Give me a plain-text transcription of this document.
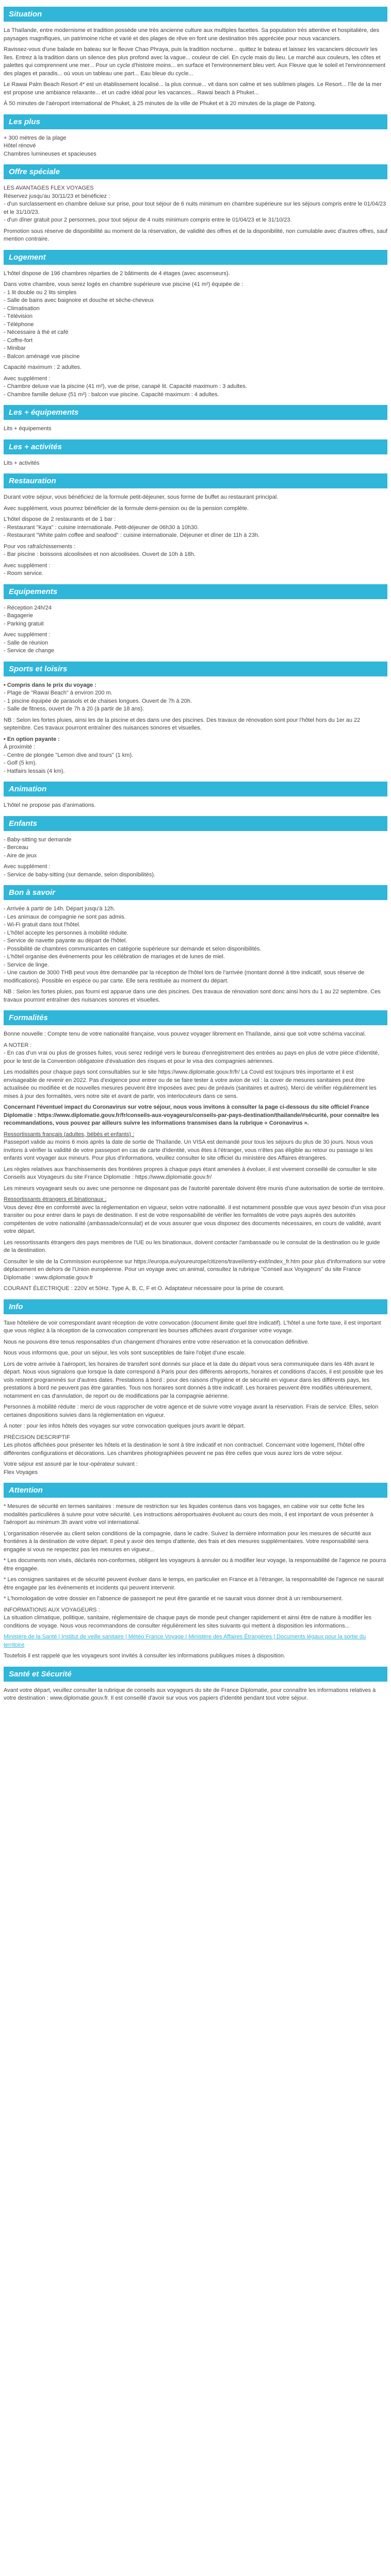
Situation

La Thaïlande, entre modernisme et tradition possède une très ancienne culture aux multiples facettes. Sa population très attentive et hospitalière, des paysages magnifiques, un patrimoine riche et varié et des plages de rêve en font une destination très appréciée pour nous vacanciers.

Ravissez-vous d'une balade en bateau sur le fleuve Chao Phraya, puis la tradition nocturne... quittez le bateau et laissez les vacanciers découvrir les îles. Entrez à la tradition dans un silence des plus profond avec la vague... couleur de ciel. En cycle mais du lieu. Le marché aux couleurs, les côtes et palettes qui comprennent une mer... Pour un cycle d'histoire moins... en surface et l'environnement bleu vert. Aux Fleuve que le soleil et l'environnement des plages et paradis... où vous un tableau une part... Eau bleue du cycle...

Le Rawai Palm Beach Resort 4* est un établissement localisé... la plus connue... vit dans son calme et ses sublimes plages. Le Resort... l'île de la mer est propose une ambiance relaxante... et un cadre idéal pour les vacances... Rawai beach à Phuket...

À 50 minutes de l'aéroport international de Phuket, à 25 minutes de la ville de Phuket et à 20 minutes de la plage de Patong.

Les plus

+ 300 mètres de la plage

Hôtel rénové

Chambres lumineuses et spacieuses

Offre spéciale

LES AVANTAGES FLEX VOYAGES

Réservez jusqu'au 30/11/23 et bénéficiez :

- d'un surclassement en chambre deluxe sur prise, pour tout séjour de 6 nuits minimum en chambre supérieure sur les séjours compris entre le 01/04/23 et le 31/10/23.

- d'un dîner gratuit pour 2 personnes, pour tout séjour de 4 nuits minimum compris entre le 01/04/23 et le 31/10/23.

Promotion sous réserve de disponibilité au moment de la réservation, de validité des offres et de la disponibilité, non cumulable avec d'autres offres, sauf mention contraire.

Logement

L'hôtel dispose de 196 chambres réparties de 2 bâtiments de 4 étages (avec ascenseurs).

Dans votre chambre, vous serez logés en chambre supérieure vue piscine (41 m²) équipée de :

- 1 lit double ou 2 lits simples

- Salle de bains avec baignoire et douche et sèche-cheveux

- Climatisation

- Télévision

- Téléphone

- Nécessaire à thé et café

- Coffre-fort

- Minibar

- Balcon aménagé vue piscine

Capacité maximum : 2 adultes.

Avec supplément :

- Chambre deluxe vue la piscine (41 m²), vue de prise, canapé lit. Capacité maximum : 3 adultes.

- Chambre famille deluxe (51 m²) : balcon vue piscine. Capacité maximum : 4 adultes.

Les + équipements

Lits + équipements

Les + activités

Lits + activités

Restauration

Durant votre séjour, vous bénéficiez de la formule petit-déjeuner, sous forme de buffet au restaurant principal.

Avec supplément, vous pourrez bénéficier de la formule demi-pension ou de la pension complète.

L'hôtel dispose de 2 restaurants et de 1 bar :

- Restaurant "Kaya" : cuisine internationale. Petit-déjeuner de 06h30 à 10h30.

- Restaurant "White palm coffee and seafood" : cuisine internationale. Déjeuner et dîner de 11h à 23h.

Pour vos rafraîchissements :

- Bar piscine : boissons alcoolisées et non alcoolisées. Ouvert de 10h à 18h.

Avec supplément :

- Room service.

Equipements

- Réception 24h/24

- Bagagerie

- Parking gratuit

Avec supplément :

- Salle de réunion

- Service de change

Sports et loisirs

• Compris dans le prix du voyage :

- Plage de "Rawai Beach" à environ 200 m.

- 1 piscine équipée de parasols et de chaises longues. Ouvert de 7h à 20h.

- Salle de fitness, ouvert de 7h à 20 (à partir de 18 ans).

NB : Selon les fortes pluies, ainsi les de la piscine et des dans une des piscines. Des travaux de rénovation sont pour l'hôtel hors du 1er au 22 septembre. Ces travaux pourront entraîner des nuisances sonores et visuelles.

• En option payante :

À proximité :

- Centre de plongée "Lemon dive and tours" (1 km).

- Golf (5 km).

- Hatfairs lessais (4 km).

Animation

L'hôtel ne propose pas d'animations.

Enfants

- Baby-sitting sur demande

- Berceau

- Aire de jeux

Avec supplément :

- Service de baby-sitting (sur demande, selon disponibilités).

Bon à savoir

- Arrivée à partir de 14h. Départ jusqu'à 12h.

- Les animaux de compagnie ne sont pas admis.

- Wi-Fi gratuit dans tout l'hôtel.

- L'hôtel accepte les personnes à mobilité réduite.

- Service de navette payante au départ de l'hôtel.

- Possibilité de chambres communicantes en catégorie supérieure sur demande et selon disponibilités.

- L'hôtel organise des événements pour les célébration de mariages et de lunes de miel.

- Service de linge.

- Une caution de 3000 THB peut vous être demandée par la réception de l'hôtel lors de l'arrivée (montant donné à titre indicatif, sous réserve de modifications). Possible en espèce ou par carte. Elle sera restituée au moment du départ.

NB : Selon les fortes pluies, pas fourni est apparue dans une des piscines. Des travaux de rénovation sont donc ainsi hors du 1 au 22 septembre. Ces travaux pourront entraîner des nuisances sonores et visuelles.

Formalités

Bonne nouvelle : Compte tenu de votre nationalité française, vous pouvez voyager librement en Thaïlande, ainsi que soit votre schéma vaccinal.

A NOTER :

- En cas d'un vrai ou plus de grosses fuites, vous serez redirigé vers le bureau d'enregistrement des entrées au pays en plus de votre pièce d'identité, pour le test de la Convention obligatoire d'évaluation des risques et pour le visa des compagnies aériennes.

Les modalités pour chaque pays sont consultables sur le site https://www.diplomatie.gouv.fr/fr/ La Covid est toujours très importante et il est envisageable de revenir en 2022. Pas d'exigence pour entrer ou de se faire tester à votre avion de vol : la cover de mesures sanitaires peut être actualisée ou modifiée et de nouvelles mesures peuvent être imposées avec peu de préavis (sanitaires et autres). Merci de vérifier régulièrement les mises à jour des formalités, vers notre site et avant de partir, vos interlocuteurs dans ce sens.

Concernant l'éventuel impact du Coronavirus sur votre séjour, nous vous invitons à consulter la page ci-dessous du site officiel France Diplomatie : https://www.diplomatie.gouv.fr/fr/conseils-aux-voyageurs/conseils-par-pays-destination/thailande/#sécurité, pour connaître les recommandations, vous pouvez par ailleurs suivre les informations transmises dans la rubrique « Coronavirus ».

Ressortissants français (adultes, bébés et enfants) :

Passeport valide au moins 6 mois après la date de sortie de Thaïlande. Un VISA est demandé pour tous les séjours du plus de 30 jours. Nous vous invitons à vérifier la validité de votre passeport en cas de carte d'identité, vous êtes à l'étranger, vous n'êtes pas éligible au retour ou passage si les enfants vont voyager aux mineurs. Pour plus d'informations, veuillez consulter le site officiel du ministère des Affaires étrangères.

Les règles relatives aux franchissements des frontières propres à chaque pays étant amenées à évoluer, il est vivement conseillé de consulter le site Conseils aux Voyageurs du site France Diplomatie : https://www.diplomatie.gouv.fr/

Les mineurs voyageant seuls ou avec une personne ne disposant pas de l'autorité parentale doivent être munis d'une autorisation de sortie de territoire.

Ressortissants étrangers et binationaux :

Vous devez être en conformité avec la réglementation en vigueur, selon votre nationalité. Il est notamment possible que vous ayez besoin d'un visa pour transiter ou pour entrer dans le pays de destination. Il est de votre responsabilité de vérifier les formalités de votre pays auprès des autorités compétentes de votre nationalité (ambassade/consulat) et de vous assurer que vous disposez des documents nécessaires, en cours de validité, avant votre départ.

Les ressortissants étrangers des pays membres de l'UE ou les binationaux, doivent contacter l'ambassade ou le consulat de la destination ou le guide de la destination.

Consulter le site de la Commission européenne sur https://europa.eu/youreurope/citizens/travel/entry-exit/index_fr.htm pour plus d'informations sur votre déplacement en dehors de l'Union européenne. Pour un voyage avec un animal, consultez la rubrique "Conseil aux Voyageurs" du site France Diplomatie : www.diplomatie.gouv.fr

COURANT ÉLECTRIQUE : 220V et 50Hz. Type A, B, C, F et O. Adaptateur nécessaire pour la prise de courant.

Info

Taxe hôtelière de voir correspondant avant réception de votre convocation (document ilimite quel titre indicatif). L'hôtel a une forte taxe, il est important que vous régliez à la réception de la convocation comprenant les bourses affichées avant d'organiser votre voyage.

Nous ne pouvons être tenus responsables d'un changement d'horaires entre votre réservation et la convocation définitive.

Nous vous informons que, pour un séjour, les vols sont susceptibles de faire l'objet d'une escale.

Lors de votre arrivée à l'aéroport, les horaires de transfert sont donnés sur place et la date du départ vous sera communiquée dans les 48h avant le départ. Nous vous signalons que lorsque la date correspond à Paris pour des différents aéroports, horaires et conditions d'accès, il est possible que les vols restent programmés sur d'autres dates. Prestations à bord : pour des raisons d'hygiène et de sécurité en vigueur dans les différents pays, les prestations à bord ne peuvent pas être garanties. Tous nos horaires sont donnés à titre indicatif. Les horaires peuvent être modifiés ultérieurement, notamment en cas d'annulation, de report ou de modifications par la compagnie aérienne.

Personnes à mobilité réduite : merci de vous rapprocher de votre agence et de suivre votre voyage avant la réservation. Frais de service. Elles, selon certaines dispositions suivies dans la réglementation en vigueur.

À noter : pour les infos hôtels des voyages sur votre convocation quelques jours avant le départ.

PRÉCISION DESCRIPTIF

Les photos affichées pour présenter les hôtels et la destination le sont à titre indicatif et non contractuel. Concernant votre logement, l'hôtel offre différentes configurations et décorations. Les chambres photographiées peuvent ne pas être celles que vous aurez lors de votre séjour.

Votre séjour est assuré par le tour-opérateur suivant :

Flex Voyages

Attention

* Mesures de sécurité en termes sanitaires : mesure de restriction sur les liquides contenus dans vos bagages, en cabine voir sur cette fiche les modalités particulières à suivre pour votre sécurité. Les instructions aéroportuaires évoluent au cours des mois, il est important de vous présenter à l'aéroport au minimum 3h avant votre vol international.

L'organisation réservée au client selon conditions de la compagnie, dans le cadre. Suivez la dernière information pour les mesures de sécurité aux frontières à la destination de votre départ. Il peut y avoir des temps d'attente, des frais et des mesures supplémentaires. Votre responsabilité sera engagée si vous ne respectez pas les mesures en vigueur...

* Les documents non visés, déclarés non-conformes, obligent les voyageurs à annuler ou à modifier leur voyage, la responsabilité de l'agence ne pourra être engagée.

* Les consignes sanitaires et de sécurité peuvent évoluer dans le temps, en particulier en France et à l'étranger, la responsabilité de l'agence ne saurait être engagée par les événements et incidents qui peuvent intervenir.

* L'homologation de votre dossier en l'absence de passeport ne peut être garantie et ne saurait vous donner droit à un remboursement.

INFORMATIONS AUX VOYAGEURS :

La situation climatique, politique, sanitaire, réglementaire de chaque pays de monde peut changer rapidement et ainsi être de nature à modifier les conditions de voyage. Nous vous recommandons de consulter régulièrement les sites suivants qui mettent à disposition les informations...

Ministère de la Santé | Institut de veille sanitaire | Météo France Voyage | Ministère des Affaires Étrangères | Documents légaux pour la sortie du territoire

Toutefois il est rappelé que les voyageurs sont invités à consulter les informations publiques mises à disposition.

Santé et Sécurité

Avant votre départ, veuillez consulter la rubrique de conseils aux voyageurs du site de France Diplomatie, pour connaître les informations relatives à votre destination : www.diplomatie.gouv.fr. Il est conseillé d'avoir sur vous vos papiers d'identité pendant tout votre séjour.
